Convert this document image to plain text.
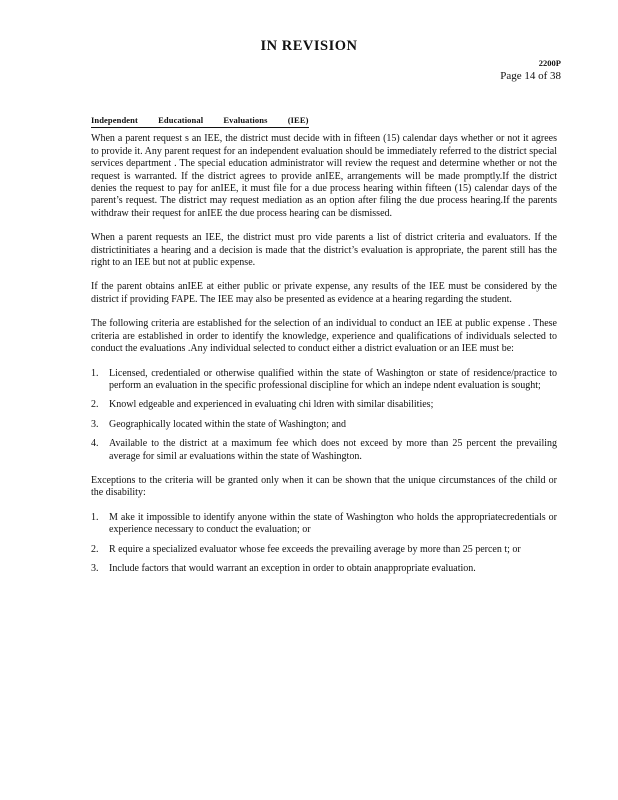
IN REVISION
2200P
Page 14 of 38
Independent Educational Evaluations (IEE)

When a parent request s an IEE, the district must decide with in fifteen (15) calendar days whether or not it agrees to provide it. Any parent request for an independent evaluation should be immediately referred to the district special services department . The special education administrator will review the request and determine whether or not the request is warranted. If the district agrees to provide anIEE, arrangements will be made promptly.If the district denies the request to pay for anIEE, it must file for a due process hearing within fifteen (15) calendar days of the parent’s request. The district may request mediation as an option after filing the due process hearing.If the parents withdraw their request for anIEE the due process hearing can be dismissed.

When a parent requests an IEE, the district must pro vide parents a list of district criteria and evaluators. If the districtinitiates a hearing and a decision is made that the district’s evaluation is appropriate, the parent still has the right to an IEE but not at public expense.

If the parent obtains anIEE at either public or private expense, any results of the IEE must be considered by the district if providing FAPE. The IEE may also be presented as evidence at a hearing regarding the student.

The following criteria are established for the selection of an individual to conduct an IEE at public expense . These criteria are established in order to identify the knowledge, experience and qualifications of individuals selected to conduct the evaluations .Any individual selected to conduct either a district evaluation or an IEE must be:

1. Licensed, credentialed or otherwise qualified within the state of Washington or state of residence/practice to perform an evaluation in the specific professional discipline for which an indepe ndent evaluation is sought;
2. Knowl edgeable and experienced in evaluating chi ldren with similar disabilities;
3. Geographically located within the state of Washington; and
4. Available to the district at a maximum fee which does not exceed by more than 25 percent the prevailing average for simil ar evaluations within the state of Washington.

Exceptions to the criteria will be granted only when it can be shown that the unique circumstances of the child or the disability:

1. M ake it impossible to identify anyone within the state of Washington who holds the appropriatecredentials or experience necessary to conduct the evaluation; or
2. R equire a specialized evaluator whose fee exceeds the prevailing average by more than 25 percen t; or
3. Include factors that would warrant an exception in order to obtain anappropriate evaluation.
